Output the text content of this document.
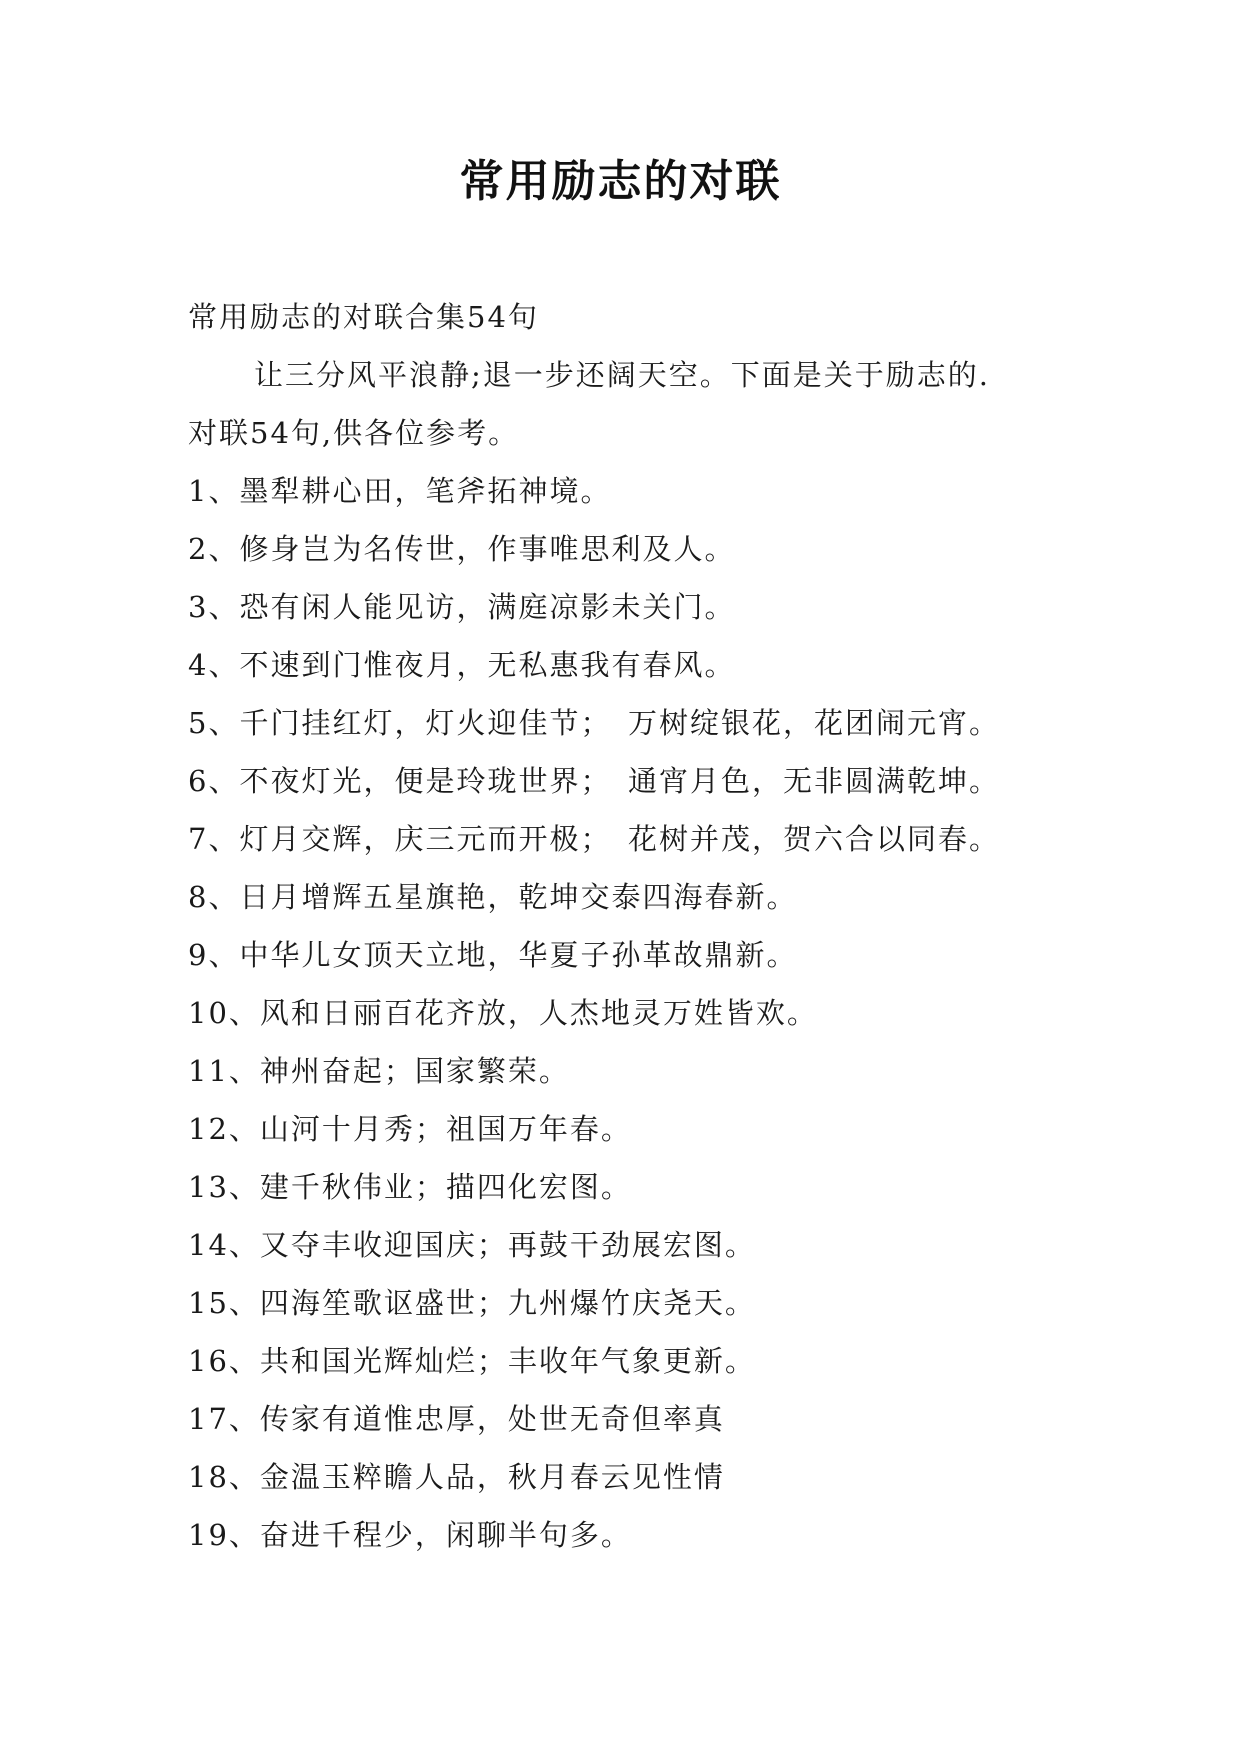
常用励志的对联
常用励志的对联合集54句
让三分风平浪静;退一步还阔天空。下面是关于励志的.
对联54句,供各位参考。
1、墨犁耕心田，笔斧拓神境。
2、修身岂为名传世，作事唯思利及人。
3、恐有闲人能见访，满庭凉影未关门。
4、不速到门惟夜月，无私惠我有春风。
5、千门挂红灯，灯火迎佳节；　万树绽银花，花团闹元宵。
6、不夜灯光，便是玲珑世界；　通宵月色，无非圆满乾坤。
7、灯月交辉，庆三元而开极；　花树并茂，贺六合以同春。
8、日月增辉五星旗艳，乾坤交泰四海春新。
9、中华儿女顶天立地，华夏子孙革故鼎新。
10、风和日丽百花齐放，人杰地灵万姓皆欢。
11、神州奋起；国家繁荣。
12、山河十月秀；祖国万年春。
13、建千秋伟业；描四化宏图。
14、又夺丰收迎国庆；再鼓干劲展宏图。
15、四海笙歌讴盛世；九州爆竹庆尧天。
16、共和国光辉灿烂；丰收年气象更新。
17、传家有道惟忠厚，处世无奇但率真
18、金温玉粹瞻人品，秋月春云见性情
19、奋进千程少，闲聊半句多。
